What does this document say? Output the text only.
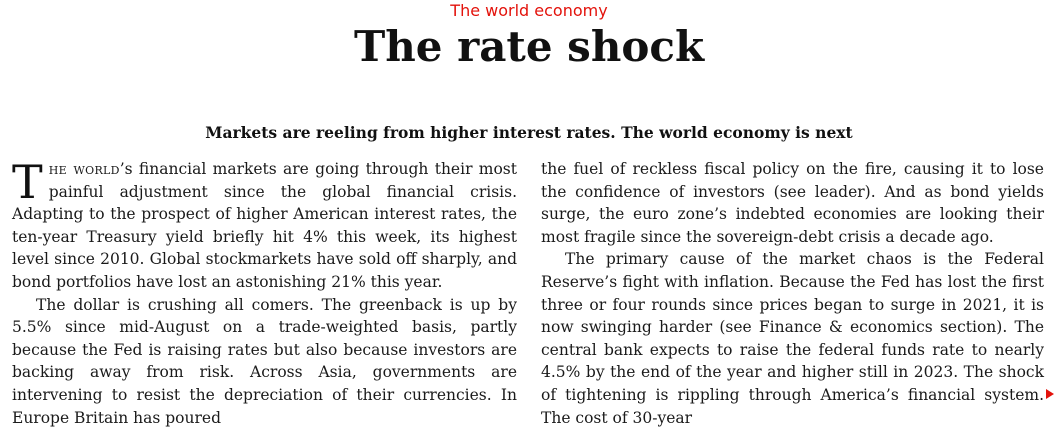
The world economy
The rate shock
Markets are reeling from higher interest rates. The world economy is next

The world’s financial markets are going through their most painful adjustment since the global financial crisis. Adapting to the prospect of higher American interest rates, the ten-year Treasury yield briefly hit 4% this week, its highest level since 2010. Global stockmarkets have sold off sharply, and bond portfolios have lost an astonishing 21% this year.

The dollar is crushing all comers. The greenback is up by 5.5% since mid-August on a trade-weighted basis, partly because the Fed is raising rates but also because investors are backing away from risk. Across Asia, governments are intervening to resist the depreciation of their currencies. In Europe Britain has poured

the fuel of reckless fiscal policy on the fire, causing it to lose the confidence of investors (see leader). And as bond yields surge, the euro zone’s indebted economies are looking their most fragile since the sovereign-debt crisis a decade ago.

The primary cause of the market chaos is the Federal Reserve’s fight with inflation. Because the Fed has lost the first three or four rounds since prices began to surge in 2021, it is now swinging harder (see Finance & economics section). The central bank expects to raise the federal funds rate to nearly 4.5% by the end of the year and higher still in 2023. The shock of tightening is rippling through America’s financial system. The cost of 30-year
